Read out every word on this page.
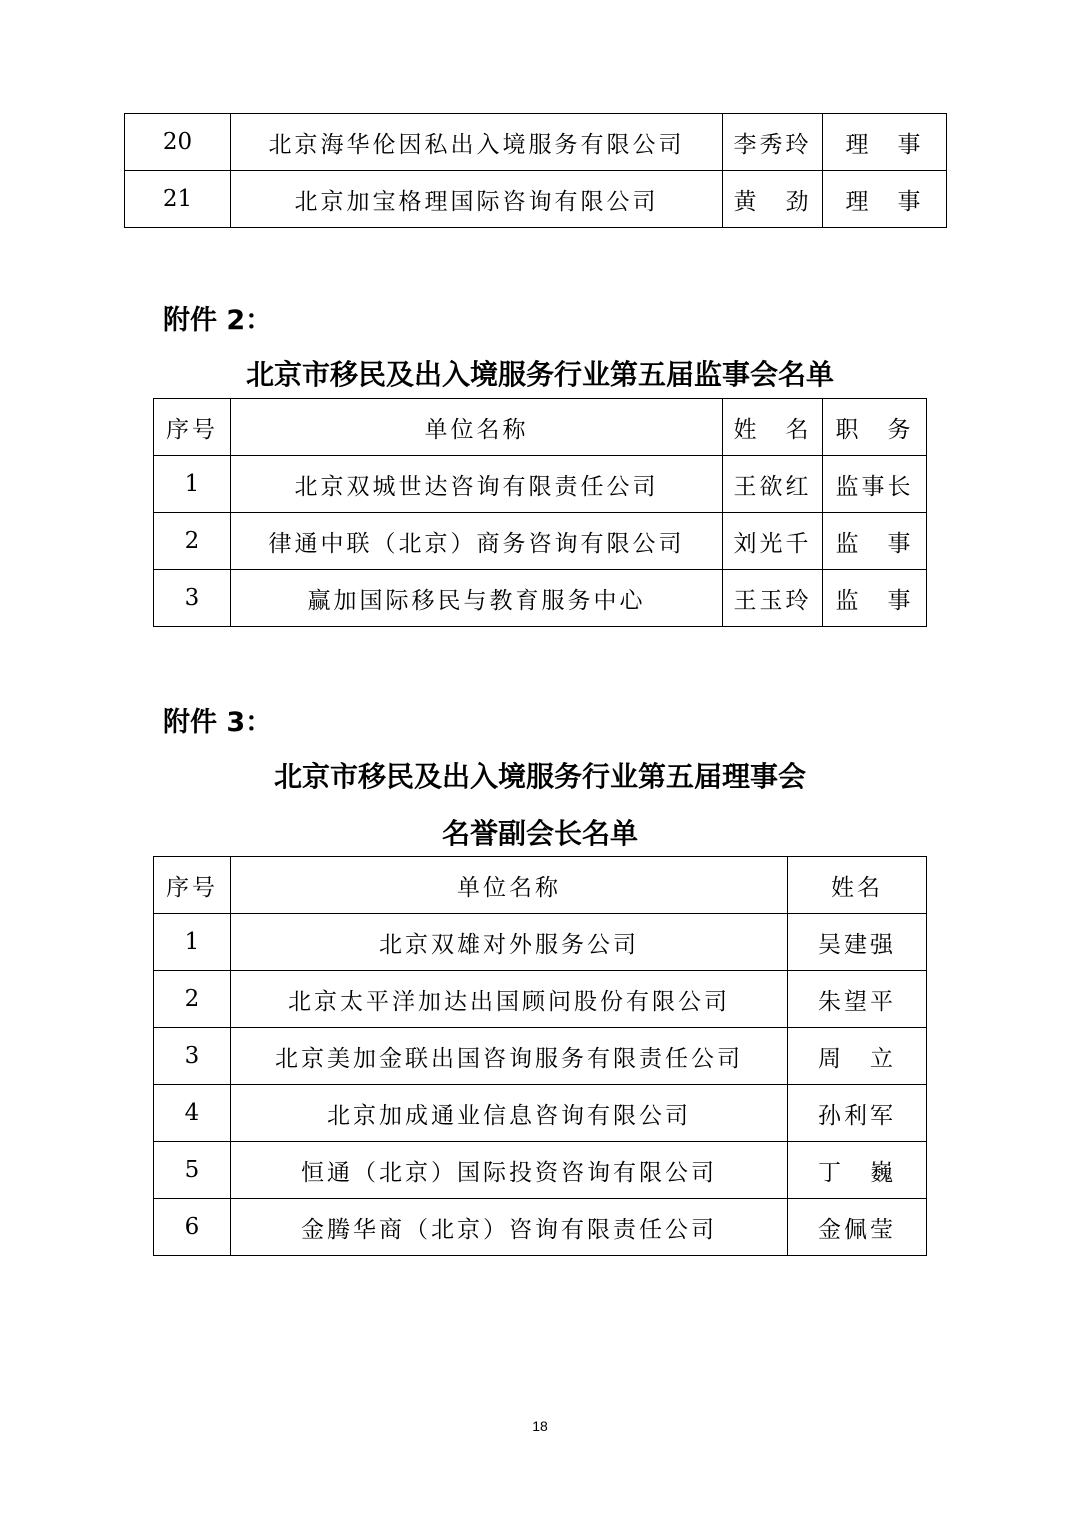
20	北京海华伦因私出入境服务有限公司	李秀玲	理　事
21	北京加宝格理国际咨询有限公司	黄　劲	理　事
附件 2：
北京市移民及出入境服务行业第五届监事会名单
序号	单位名称	姓　名	职　务
1	北京双城世达咨询有限责任公司	王欲红	监事长
2	律通中联（北京）商务咨询有限公司	刘光千	监　事
3	赢加国际移民与教育服务中心	王玉玲	监　事
附件 3：
北京市移民及出入境服务行业第五届理事会
名誉副会长名单
序号	单位名称	姓名
1	北京双雄对外服务公司	吴建强
2	北京太平洋加达出国顾问股份有限公司	朱望平
3	北京美加金联出国咨询服务有限责任公司	周　立
4	北京加成通业信息咨询有限公司	孙利军
5	恒通（北京）国际投资咨询有限公司	丁　巍
6	金腾华商（北京）咨询有限责任公司	金佩莹
18
